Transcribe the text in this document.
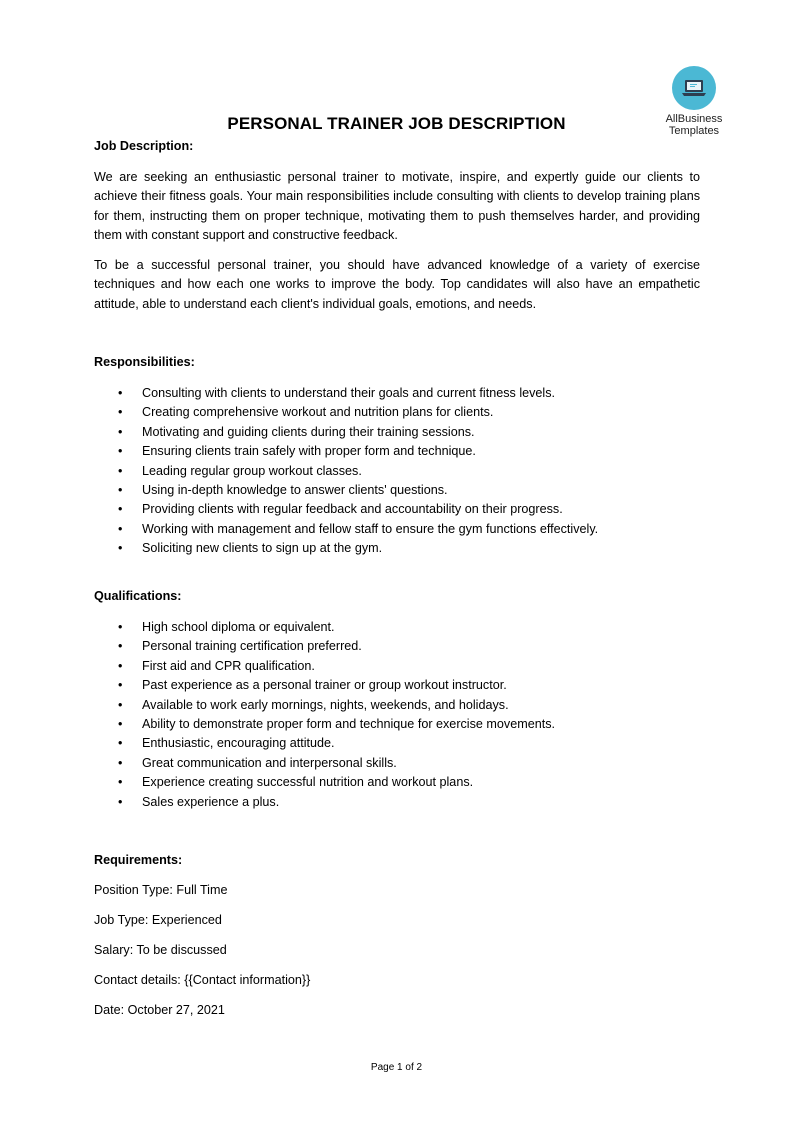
AllBusiness
Templates
PERSONAL TRAINER JOB DESCRIPTION
Job Description:

We are seeking an enthusiastic personal trainer to motivate, inspire, and expertly guide our clients to achieve their fitness goals. Your main responsibilities include consulting with clients to develop training plans for them, instructing them on proper technique, motivating them to push themselves harder, and providing them with constant support and constructive feedback.

To be a successful personal trainer, you should have advanced knowledge of a variety of exercise techniques and how each one works to improve the body. Top candidates will also have an empathetic attitude, able to understand each client's individual goals, emotions, and needs.

Responsibilities:
• Consulting with clients to understand their goals and current fitness levels.
• Creating comprehensive workout and nutrition plans for clients.
• Motivating and guiding clients during their training sessions.
• Ensuring clients train safely with proper form and technique.
• Leading regular group workout classes.
• Using in-depth knowledge to answer clients' questions.
• Providing clients with regular feedback and accountability on their progress.
• Working with management and fellow staff to ensure the gym functions effectively.
• Soliciting new clients to sign up at the gym.
Qualifications:
• High school diploma or equivalent.
• Personal training certification preferred.
• First aid and CPR qualification.
• Past experience as a personal trainer or group workout instructor.
• Available to work early mornings, nights, weekends, and holidays.
• Ability to demonstrate proper form and technique for exercise movements.
• Enthusiastic, encouraging attitude.
• Great communication and interpersonal skills.
• Experience creating successful nutrition and workout plans.
• Sales experience a plus.
Requirements:
Position Type: Full Time
Job Type: Experienced
Salary: To be discussed
Contact details: {{Contact information}}
Date: October 27, 2021
Page 1 of 2
